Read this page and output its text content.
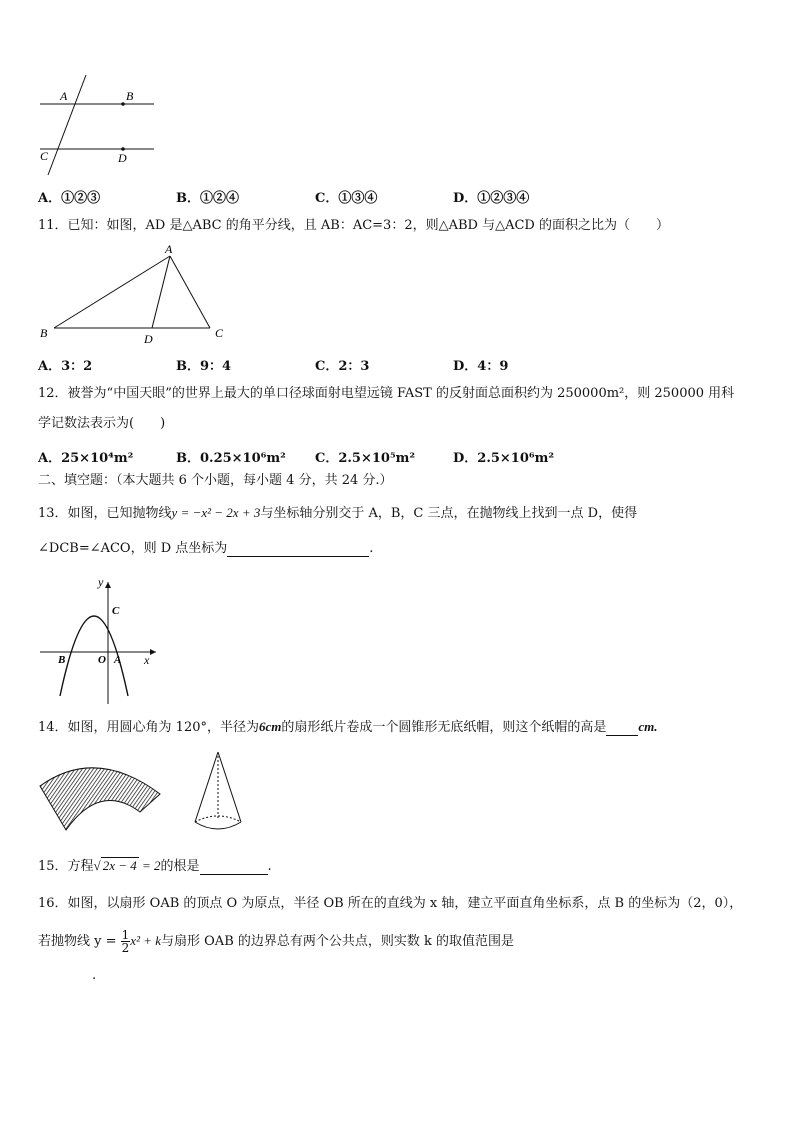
A	B
C	D
A．①②③	B．①②④	C．①③④	D．①②③④
11．已知：如图，AD 是△ABC 的角平分线，且 AB：AC=3：2，则△ABD 与△ACD 的面积之比为（　　）
A
B	C
D
A．3：2	B．9：4	C．2：3	D．4：9
12．被誉为“中国天眼”的世界上最大的单口径球面射电望远镜 FAST 的反射面总面积约为 250000m²，则 250000 用科
学记数法表示为(　　)
A．25×10⁴m²	B．0.25×10⁶m² C．2.5×10⁵m²	D．2.5×10⁶m²
二、填空题：（本大题共 6 个小题，每小题 4 分，共 24 分.）
13．如图，已知抛物线y = −x² − 2x + 3与坐标轴分别交于 A，B，C 三点，在抛物线上找到一点 D，使得
∠DCB=∠ACO，则 D 点坐标为	.
y
x
C
B	O A
14．如图，用圆心角为 120°，半径为6cm的扇形纸片卷成一个圆锥形无底纸帽，则这个纸帽的高是 cm.
15．方程√ 2x − 4 = 2的根是	.
16．如图，以扇形 OAB 的顶点 O 为原点，半径 OB 所在的直线为 x 轴，建立平面直角坐标系，点 B 的坐标为（2，0），
若抛物线 $y = \frac{1}{2} x^2 + k$与扇形 OAB 的边界总有两个公共点，则实数 k 的取值范围是
.
